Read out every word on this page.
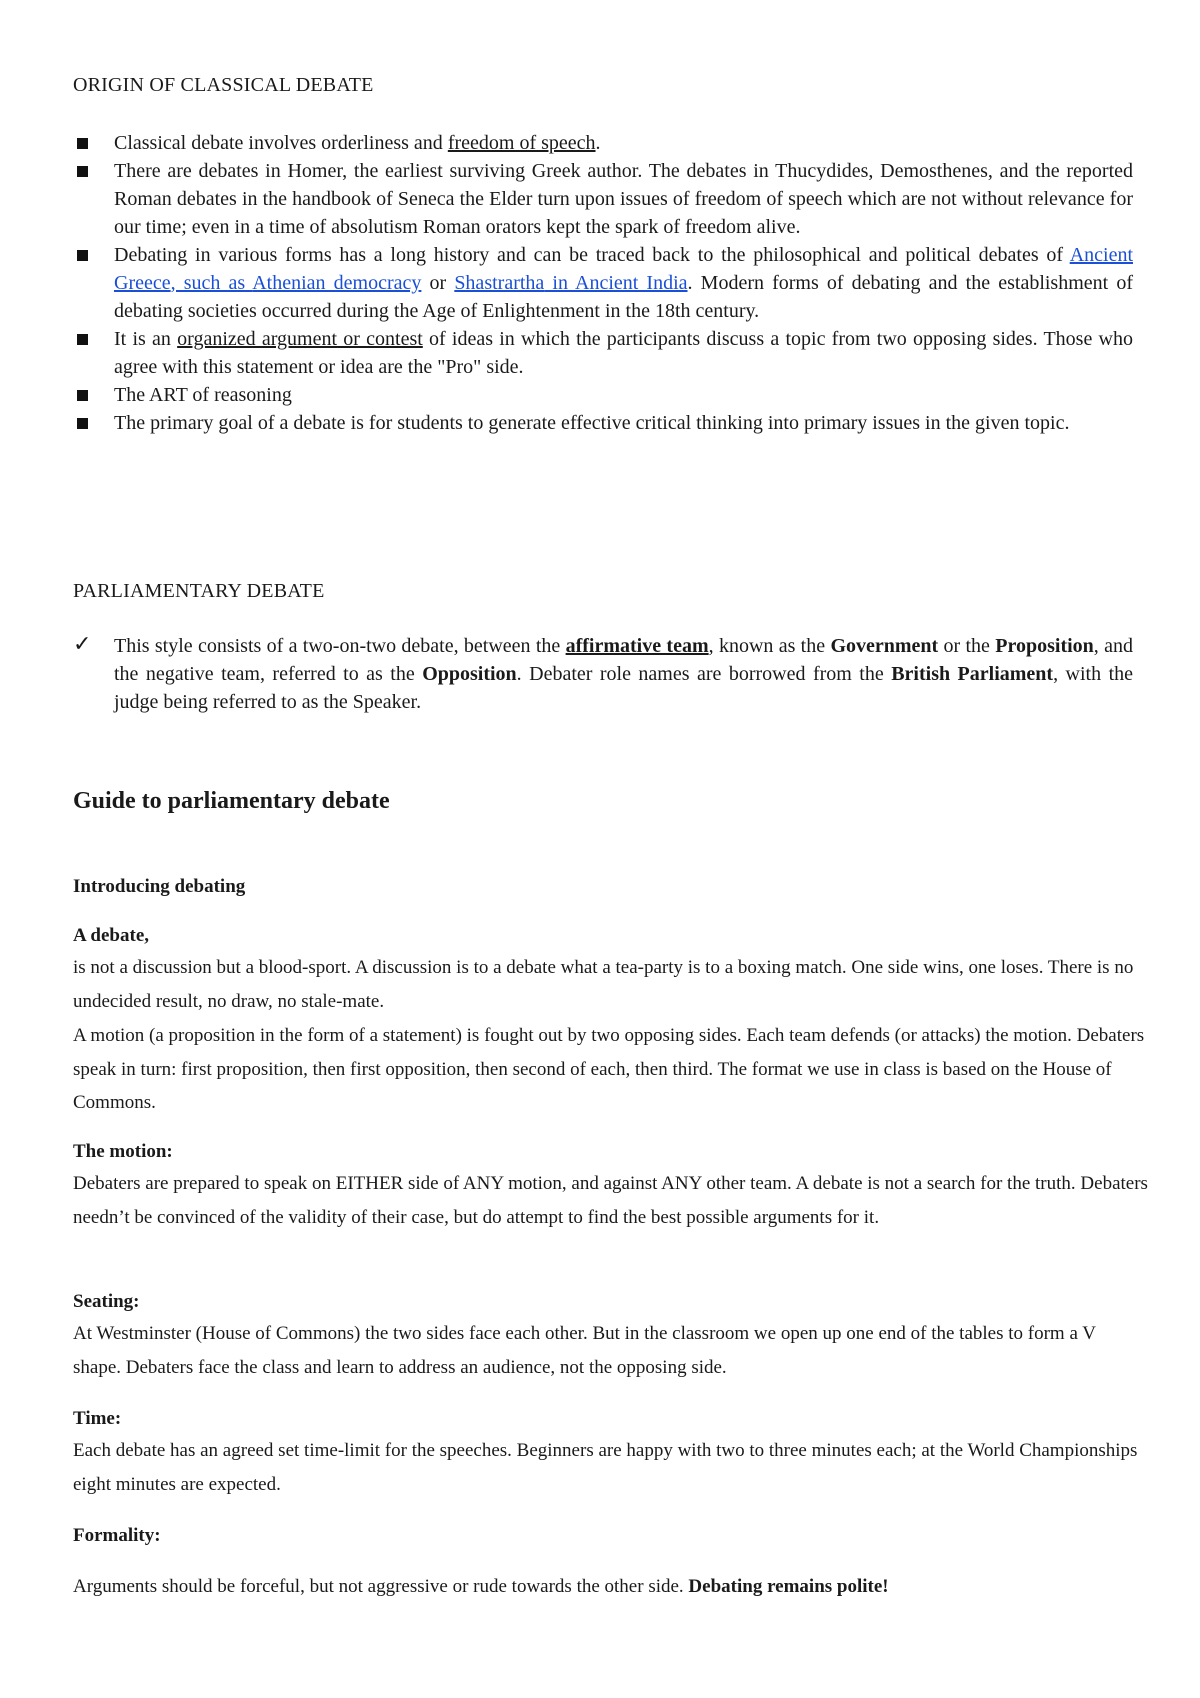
ORIGIN OF CLASSICAL DEBATE
Classical debate involves orderliness and freedom of speech.
There are debates in Homer, the earliest surviving Greek author. The debates in Thucydides, Demosthenes, and the reported Roman debates in the handbook of Seneca the Elder turn upon issues of freedom of speech which are not without relevance for our time; even in a time of absolutism Roman orators kept the spark of freedom alive.
Debating in various forms has a long history and can be traced back to the philosophical and political debates of Ancient Greece, such as Athenian democracy or Shastrartha in Ancient India. Modern forms of debating and the establishment of debating societies occurred during the Age of Enlightenment in the 18th century.
It is an organized argument or contest of ideas in which the participants discuss a topic from two opposing sides. Those who agree with this statement or idea are the "Pro" side.
The ART of reasoning
The primary goal of a debate is for students to generate effective critical thinking into primary issues in the given topic.
PARLIAMENTARY DEBATE
✓ This style consists of a two-on-two debate, between the affirmative team, known as the Government or the Proposition, and the negative team, referred to as the Opposition. Debater role names are borrowed from the British Parliament, with the judge being referred to as the Speaker.
Guide to parliamentary debate
Introducing debating
A debate,
is not a discussion but a blood-sport. A discussion is to a debate what a tea-party is to a boxing match. One side wins, one loses. There is no undecided result, no draw, no stale-mate.
A motion (a proposition in the form of a statement) is fought out by two opposing sides. Each team defends (or attacks) the motion. Debaters speak in turn: first proposition, then first opposition, then second of each, then third. The format we use in class is based on the House of Commons.
The motion:
Debaters are prepared to speak on EITHER side of ANY motion, and against ANY other team. A debate is not a search for the truth. Debaters needn’t be convinced of the validity of their case, but do attempt to find the best possible arguments for it.
Seating:
At Westminster (House of Commons) the two sides face each other. But in the classroom we open up one end of the tables to form a V shape. Debaters face the class and learn to address an audience, not the opposing side.
Time:
Each debate has an agreed set time-limit for the speeches. Beginners are happy with two to three minutes each; at the World Championships eight minutes are expected.
Formality:
Arguments should be forceful, but not aggressive or rude towards the other side. Debating remains polite!
